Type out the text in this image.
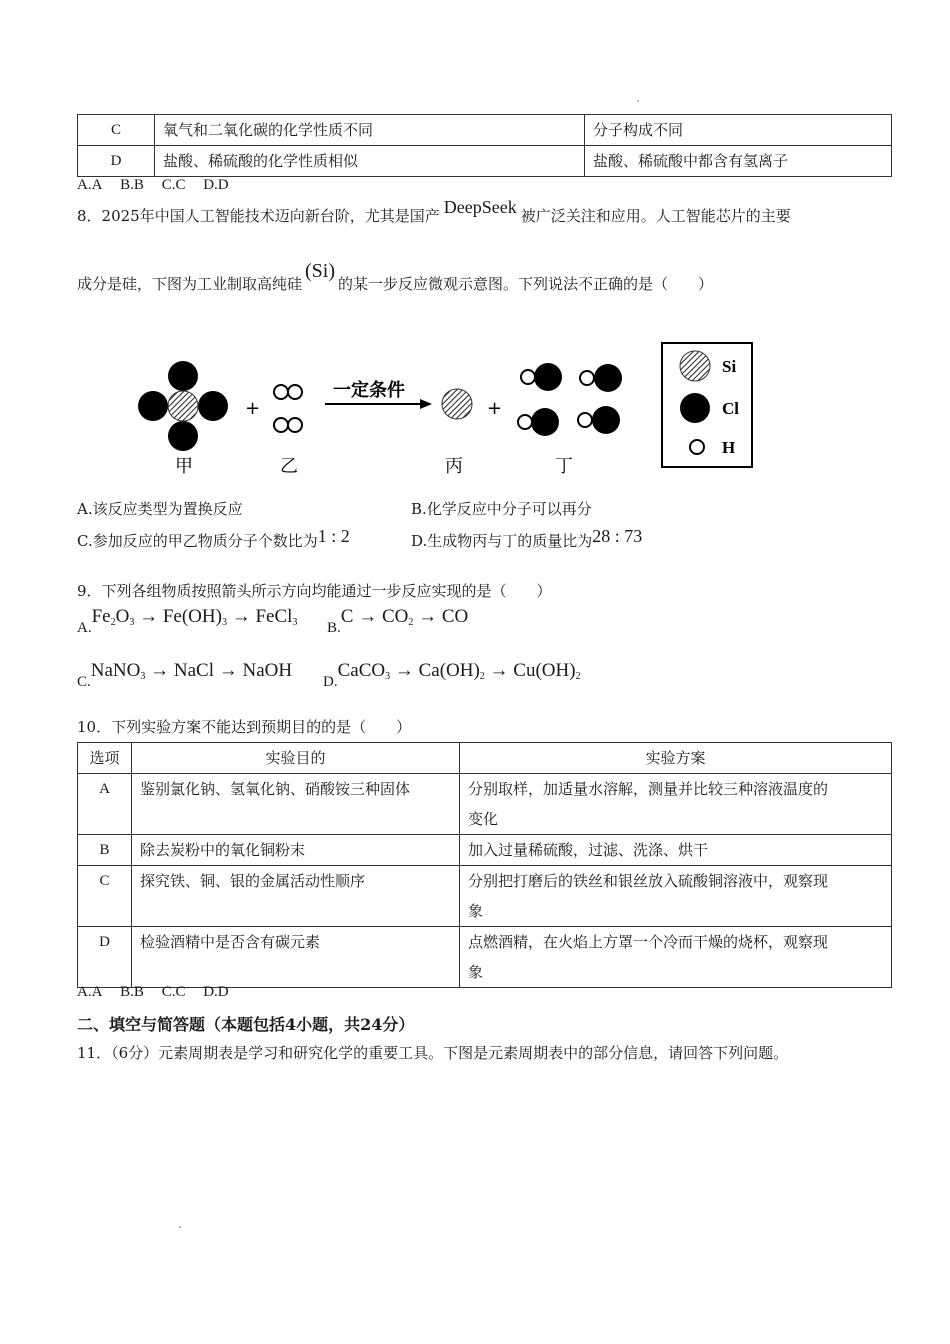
C	氧气和二氧化碳的化学性质不同	分子构成不同
D	盐酸、稀硫酸的化学性质相似	盐酸、稀硫酸中都含有氢离子
A.A B.B C.C D.D
8．2025年中国人工智能技术迈向新台阶，尤其是国产 DeepSeek 被广泛关注和应用。人工智能芯片的主要
成分是硅，下图为工业制取高纯硅(Si)的某一步反应微观示意图。下列说法不正确的是（　　）
+
一定条件
+
甲	乙	丙	丁
Si
Cl
H
A.该反应类型为置换反应	B.化学反应中分子可以再分
C.参加反应的甲乙物质分子个数比为1 : 2	D.生成物丙与丁的质量比为28 : 73
9．下列各组物质按照箭头所示方向均能通过一步反应实现的是（　　）
$A.Fe_2O_3 \to Fe(OH)_3$ → FeCl$_3$ $B.C \to CO_2$ → CO
C.NaNO$_3$ → NaCl → NaOH
D.CaCO$_3$ → $Ca(OH)_2 \to Cu(OH)_2$
10．下列实验方案不能达到预期目的的是（　　）
选项	实验目的	实验方案
A	鉴别氯化钠、氢氧化钠、硝酸铵三种固体	分别取样，加适量水溶解，测量并比较三种溶液温度的
变化

B	除去炭粉中的氧化铜粉末	加入过量稀硫酸，过滤、洗涤、烘干
C	探究铁、铜、银的金属活动性顺序	分别把打磨后的铁丝和银丝放入硫酸铜溶液中，观察现
象

D	检验酒精中是否含有碳元素	点燃酒精，在火焰上方罩一个冷而干燥的烧杯，观察现
象
A.A B.B C.C D.D
二、填空与简答题（本题包括4小题，共24分）
11．（6分）元素周期表是学习和研究化学的重要工具。下图是元素周期表中的部分信息，请回答下列问题。
